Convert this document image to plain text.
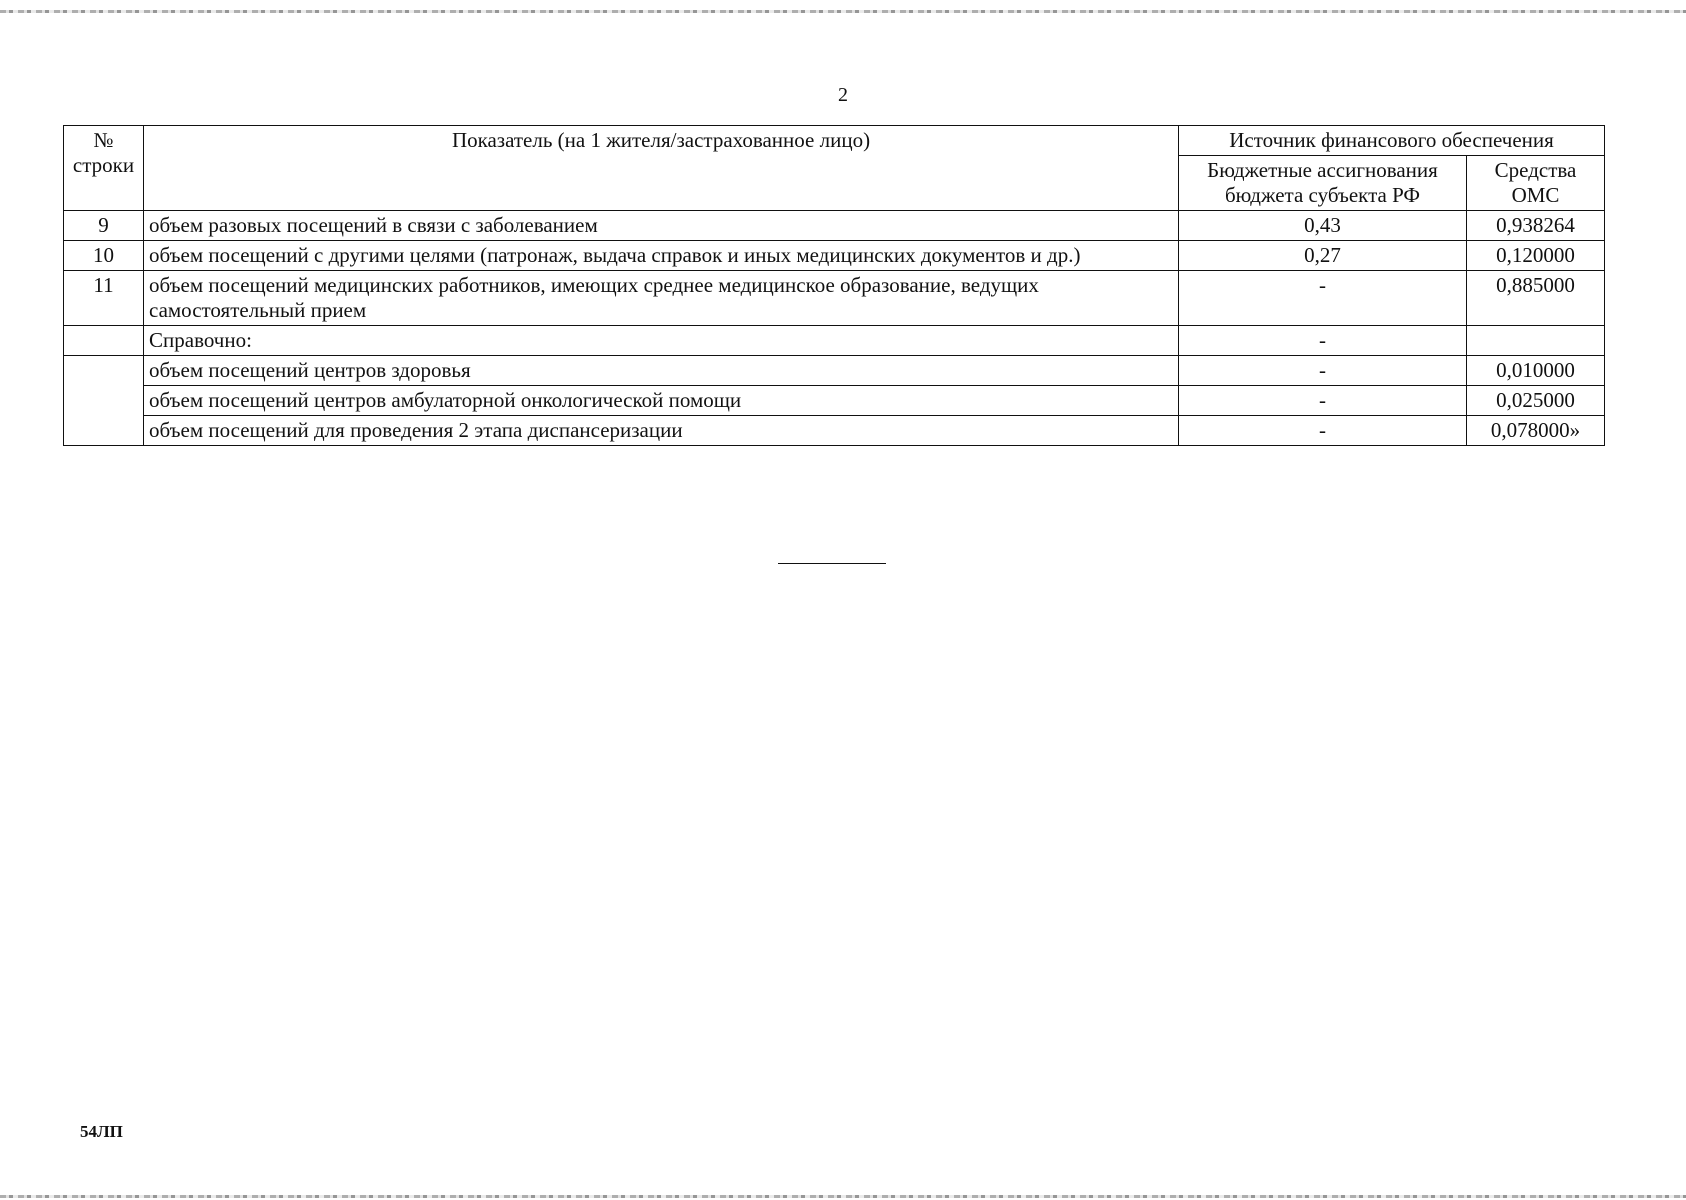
2
№ строки	Показатель (на 1 жителя/застрахованное лицо)	Источник финансового обеспечения	
		Бюджетные ассигнования бюджета субъекта РФ	Средства ОМС
9	объем разовых посещений в связи с заболеванием	0,43	0,938264
10	объем посещений с другими целями (патронаж, выдача справок и иных медицинских документов и др.)	0,27	0,120000
11	объем посещений медицинских работников, имеющих среднее медицинское образование, ведущих самостоятельный прием	-	0,885000
	Справочно:	-	
	объем посещений центров здоровья	-	0,010000
	объем посещений центров амбулаторной онкологической помощи	-	0,025000
	объем посещений для проведения 2 этапа диспансеризации	-	0,078000»
54ЛП
